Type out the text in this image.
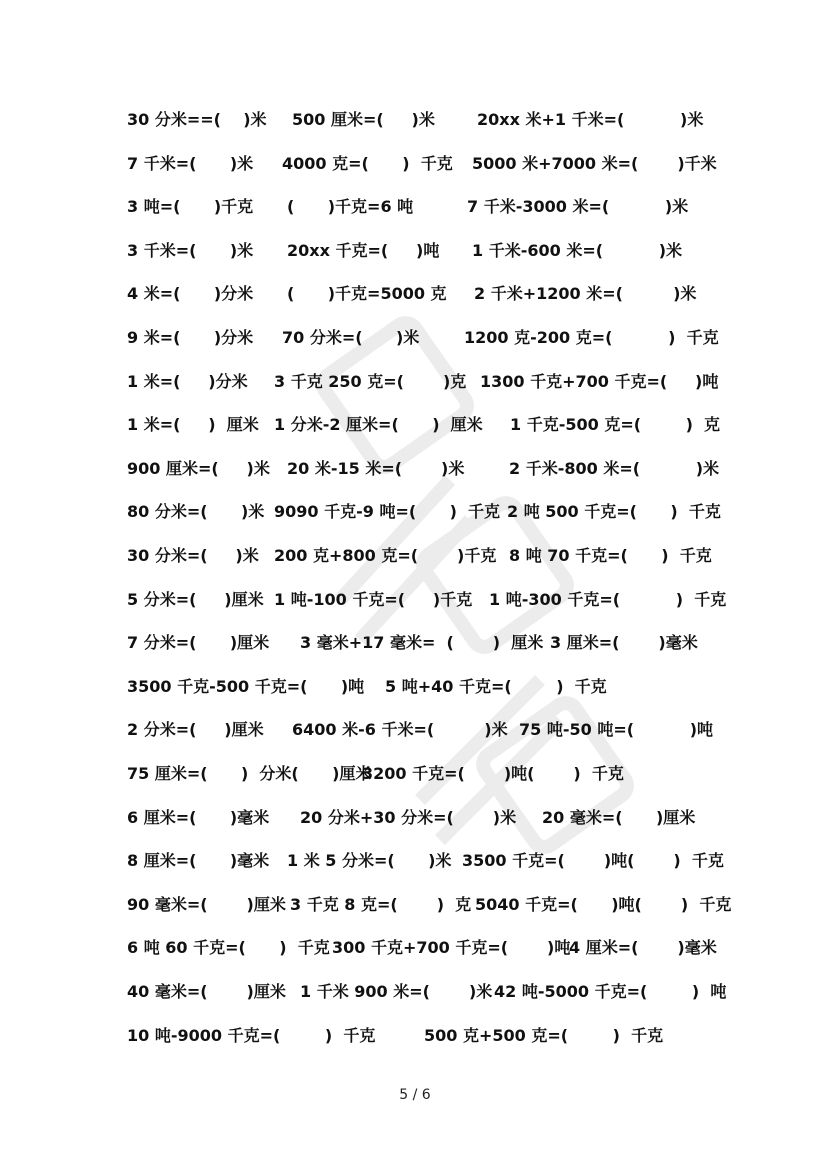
30 分米==(    )米 500 厘米=(     )米	20xx 米+1 千米=(          )米
7 千米=(      )米 4000 克=(      )  千克 5000 米+7000 米=(       )千米
3 吨=(      )千克 (      )千克=6 吨	7 千米-3000 米=(          )米
3 千米=(      )米 20xx 千克=(     )吨 1 千米-600 米=(          )米
4 米=(      )分米 (      )千克=5000 克 2 千米+1200 米=(         )米
9 米=(      )分米 70 分米=(      )米	1200 克-200 克=(          )  千克
1 米=(     )分米 3 千克 250 克=(       )克 1300 千克+700 千克=(     )吨
1 米=(     )  厘米 1 分米-2 厘米=(      )  厘米 1 千克-500 克=(        )  克
900 厘米=(     )米 20 米-15 米=(       )米	2 千米-800 米=(          )米
80 分米=(      )米 9090 千克-9 吨=(      )  千克 2 吨 500 千克=(      )  千克
30 分米=(     )米 200 克+800 克=(       )千克 8 吨 70 千克=(      )  千克
5 分米=(     )厘米 1 吨-100 千克=(     )千克 1 吨-300 千克=(          )  千克
7 分米=(      )厘米 3 毫米+17 毫米=  (       )  厘米 3 厘米=(       )毫米
3500 千克-500 千克=(      )吨 5 吨+40 千克=(        )  千克
2 分米=(     )厘米 6400 米-6 千米=(         )米 75 吨-50 吨=(          )吨
75 厘米=(      )  分米(      )厘米
3200 千克=(       )吨(       )  千克
6 厘米=(      )毫米 20 分米+30 分米=(       )米 20 毫米=(      )厘米
8 厘米=(      )毫米 1 米 5 分米=(      )米 3500 千克=(       )吨(       )  千克
90 毫米=(       )厘米 3 千克 8 克=(       )  克 5040 千克=(      )吨(       )  千克
6 吨 60 千克=(      )  千克 300 千克+700 千克=(       )吨
4 厘米=(       )毫米
40 毫米=(       )厘米 1 千米 900 米=(       )米 42 吨-5000 千克=(        )  吨
10 吨-9000 千克=(        )  千克	500 克+500 克=(        )  千克
5 / 6
